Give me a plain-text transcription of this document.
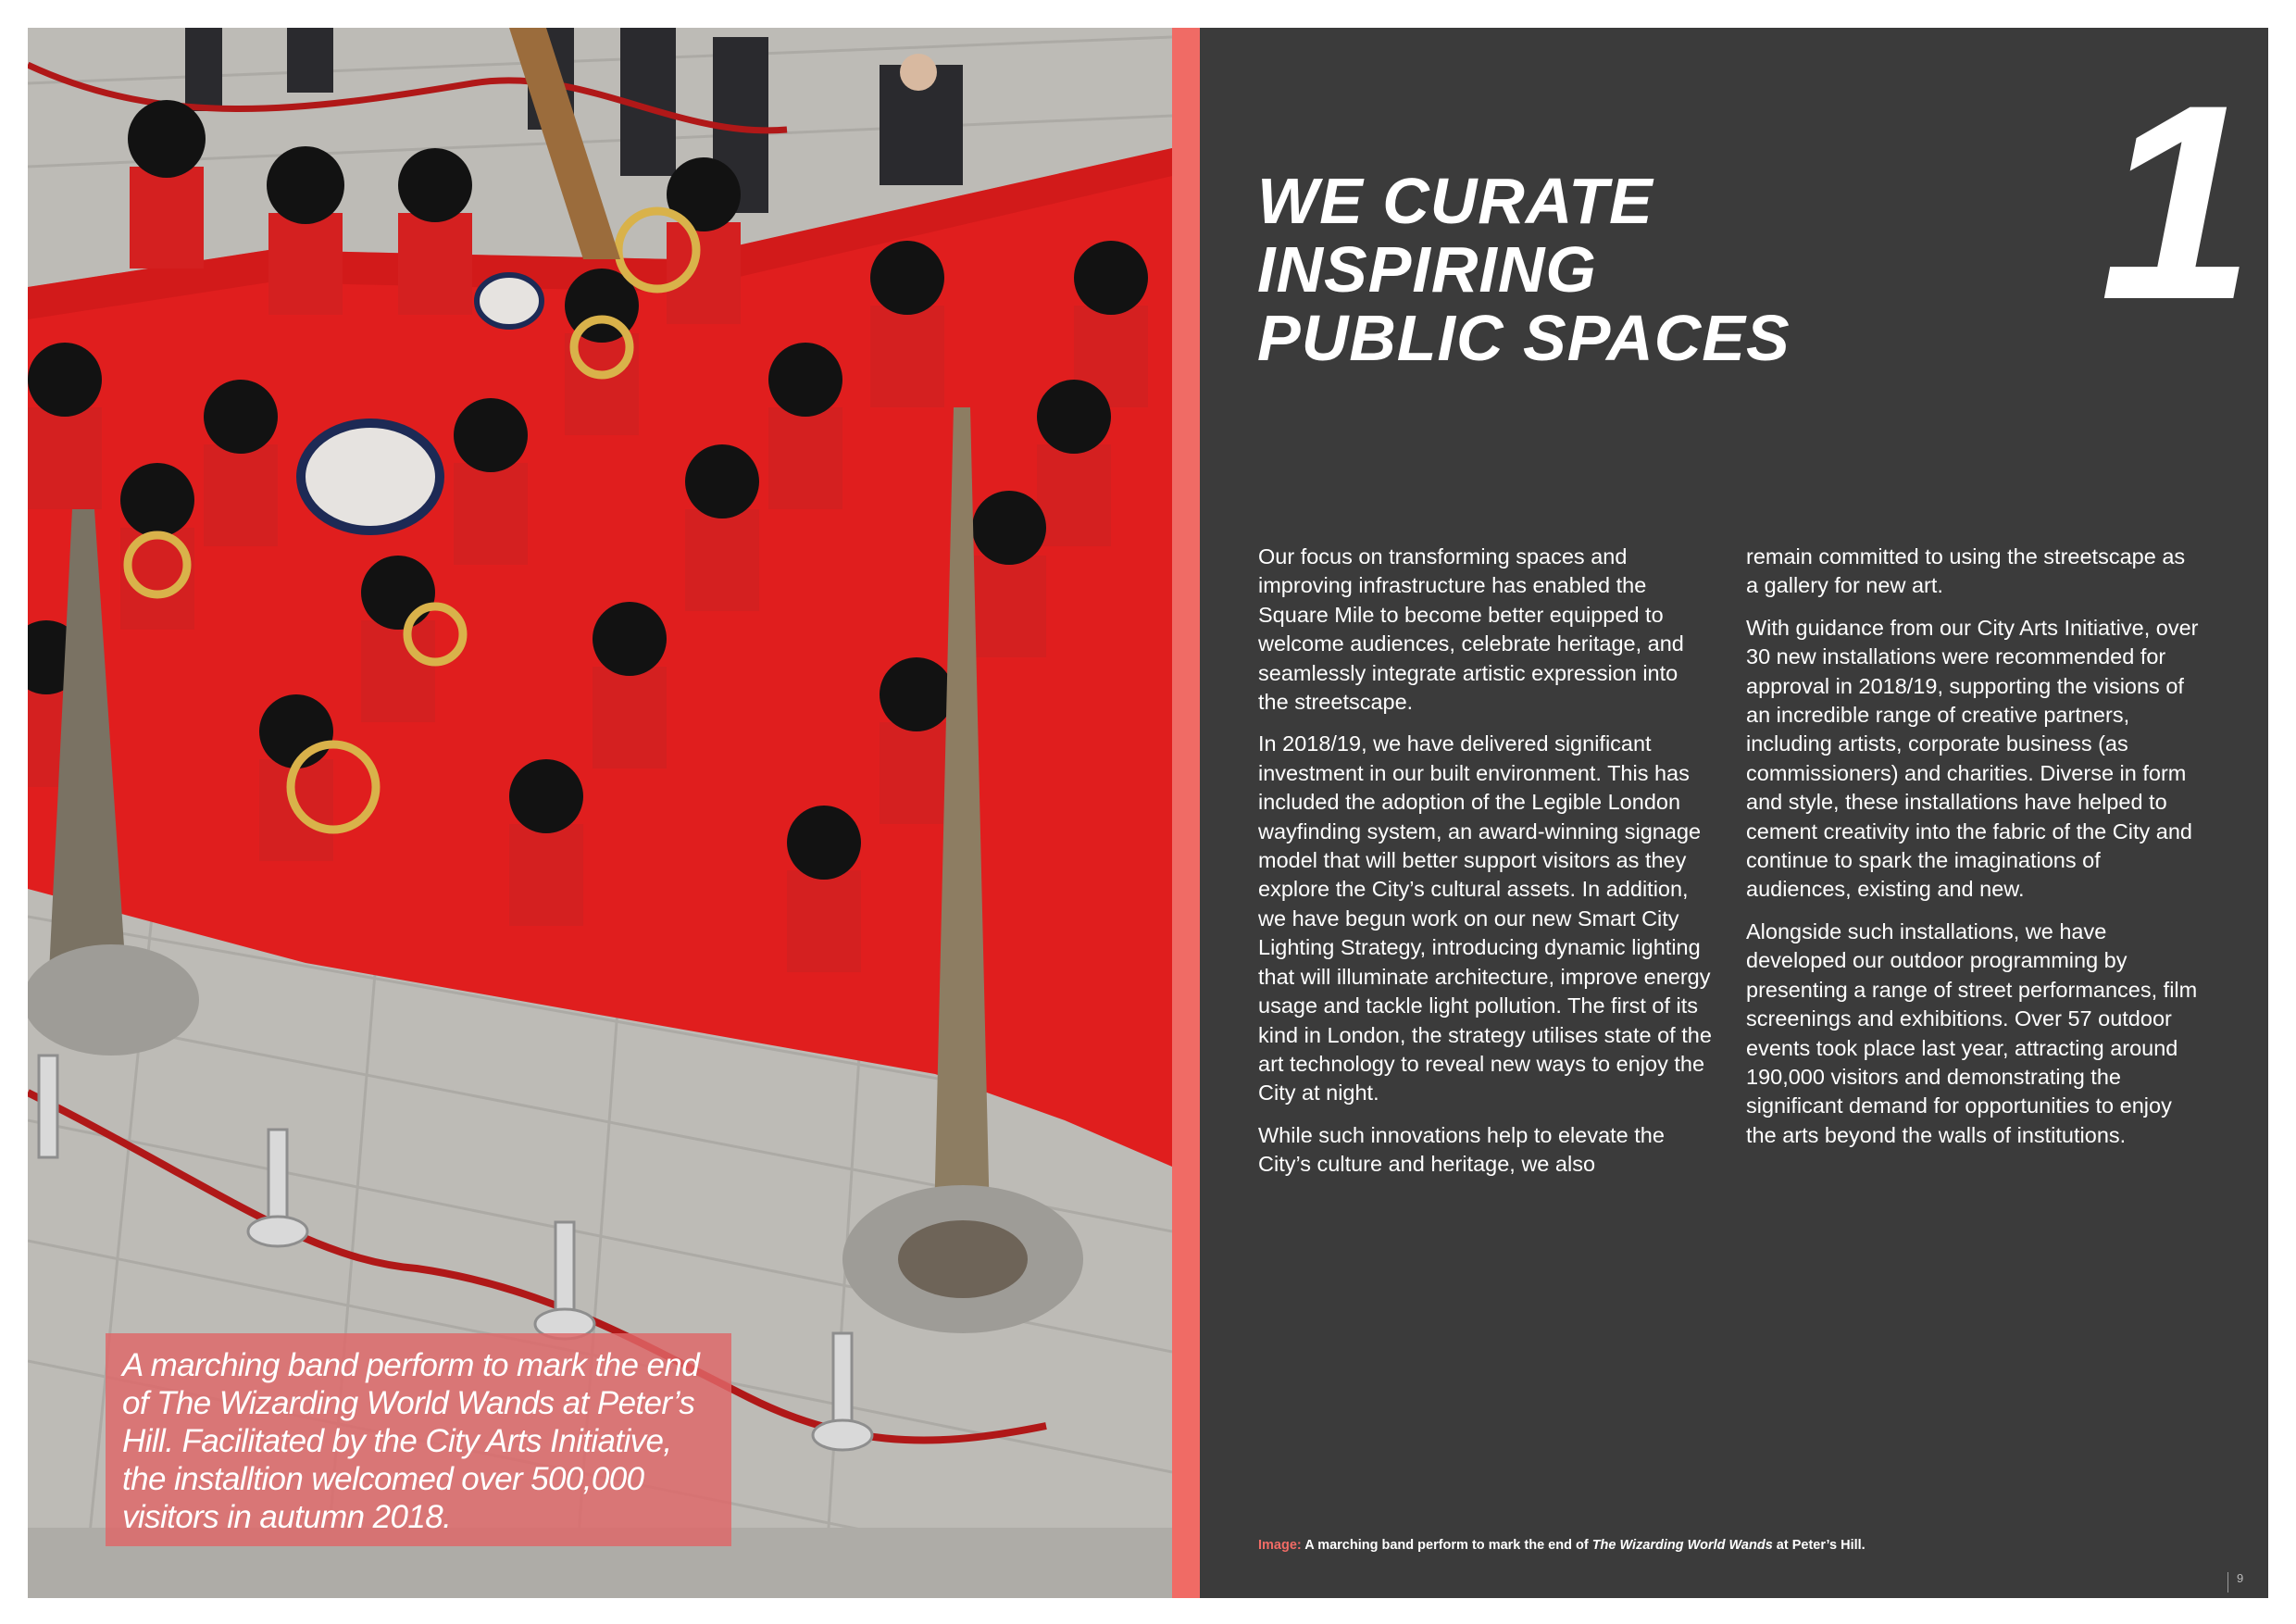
A marching band perform to mark the end of The Wizarding World Wands at Peter’s Hill. Facilitated by the City Arts Initiative, the installtion welcomed over 500,000 visitors in autumn 2018.

WE CURATE INSPIRING
PUBLIC SPACES	1

Our focus on transforming spaces and improving infrastructure has enabled the Square Mile to become better equipped to welcome audiences, celebrate heritage, and seamlessly integrate artistic expression into the streetscape.

In 2018/19, we have delivered significant investment in our built environment. This has included the adoption of the Legible London wayfinding system, an award-winning signage model that will better support visitors as they explore the City’s cultural assets. In addition, we have begun work on our new Smart City Lighting Strategy, introducing dynamic lighting that will illuminate architecture, improve energy usage and tackle light pollution. The first of its kind in London, the strategy utilises state of the art technology to reveal new ways to enjoy the City at night.

While such innovations help to elevate the City’s culture and heritage, we also

remain committed to using the streetscape as a gallery for new art.

With guidance from our City Arts Initiative, over 30 new installations were recommended for approval in 2018/19, supporting the visions of an incredible range of creative partners, including artists, corporate business (as commissioners) and charities. Diverse in form and style, these installations have helped to cement creativity into the fabric of the City and continue to spark the imaginations of audiences, existing and new.

Alongside such installations, we have developed our outdoor programming by presenting a range of street performances, film screenings and exhibitions. Over 57 outdoor events took place last year, attracting around 190,000 visitors and demonstrating the significant demand for opportunities to enjoy the arts beyond the walls of institutions.

Image: A marching band perform to mark the end of The Wizarding World Wands at Peter’s Hill.

9
